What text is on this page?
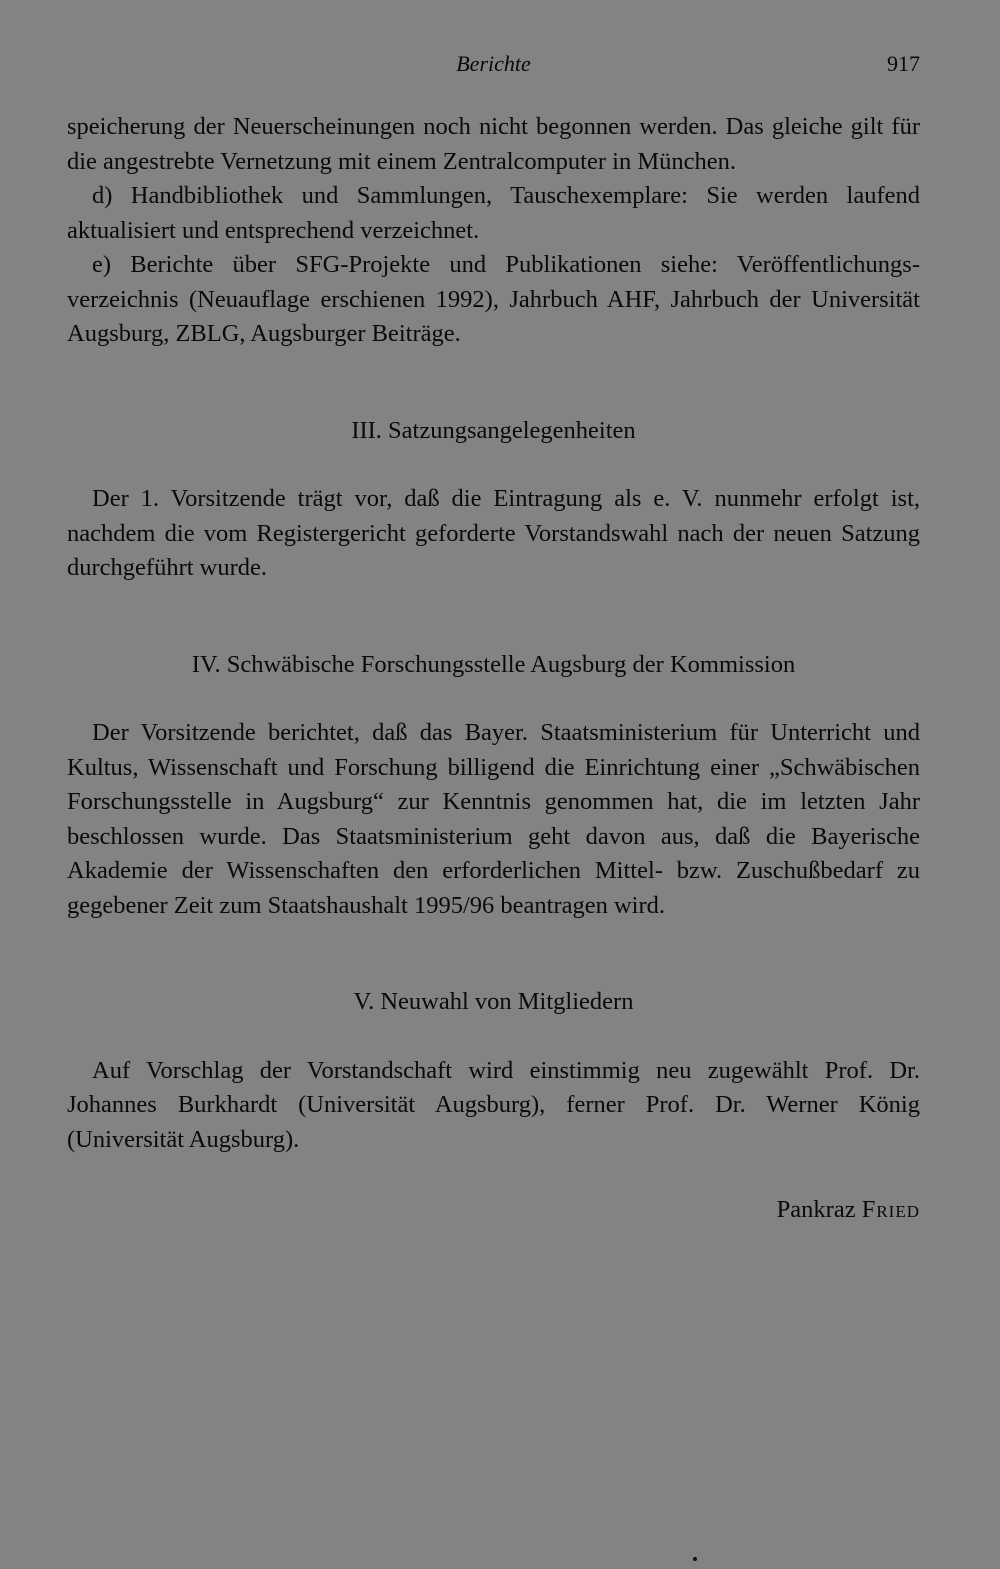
Berichte	917

speicherung der Neuerscheinungen noch nicht begonnen werden. Das gleiche gilt für die angestrebte Vernetzung mit einem Zentralcomputer in München.

d) Handbibliothek und Sammlungen, Tauschexemplare: Sie werden laufend aktualisiert und entsprechend verzeichnet.

e) Berichte über SFG-Projekte und Publikationen siehe: Veröffentlichungsverzeichnis (Neuauflage erschienen 1992), Jahrbuch AHF, Jahrbuch der Universität Augsburg, ZBLG, Augsburger Beiträge.

III. Satzungsangelegenheiten

Der 1. Vorsitzende trägt vor, daß die Eintragung als e. V. nunmehr erfolgt ist, nachdem die vom Registergericht geforderte Vorstandswahl nach der neuen Satzung durchgeführt wurde.

IV. Schwäbische Forschungsstelle Augsburg der Kommission

Der Vorsitzende berichtet, daß das Bayer. Staatsministerium für Unterricht und Kultus, Wissenschaft und Forschung billigend die Einrichtung einer „Schwäbischen Forschungsstelle in Augsburg“ zur Kenntnis genommen hat, die im letzten Jahr beschlossen wurde. Das Staatsministerium geht davon aus, daß die Bayerische Akademie der Wissenschaften den erforderlichen Mittel- bzw. Zuschußbedarf zu gegebener Zeit zum Staatshaushalt 1995/96 beantragen wird.

V. Neuwahl von Mitgliedern

Auf Vorschlag der Vorstandschaft wird einstimmig neu zugewählt Prof. Dr. Johannes Burkhardt (Universität Augsburg), ferner Prof. Dr. Werner König (Universität Augsburg).

Pankraz Fried
